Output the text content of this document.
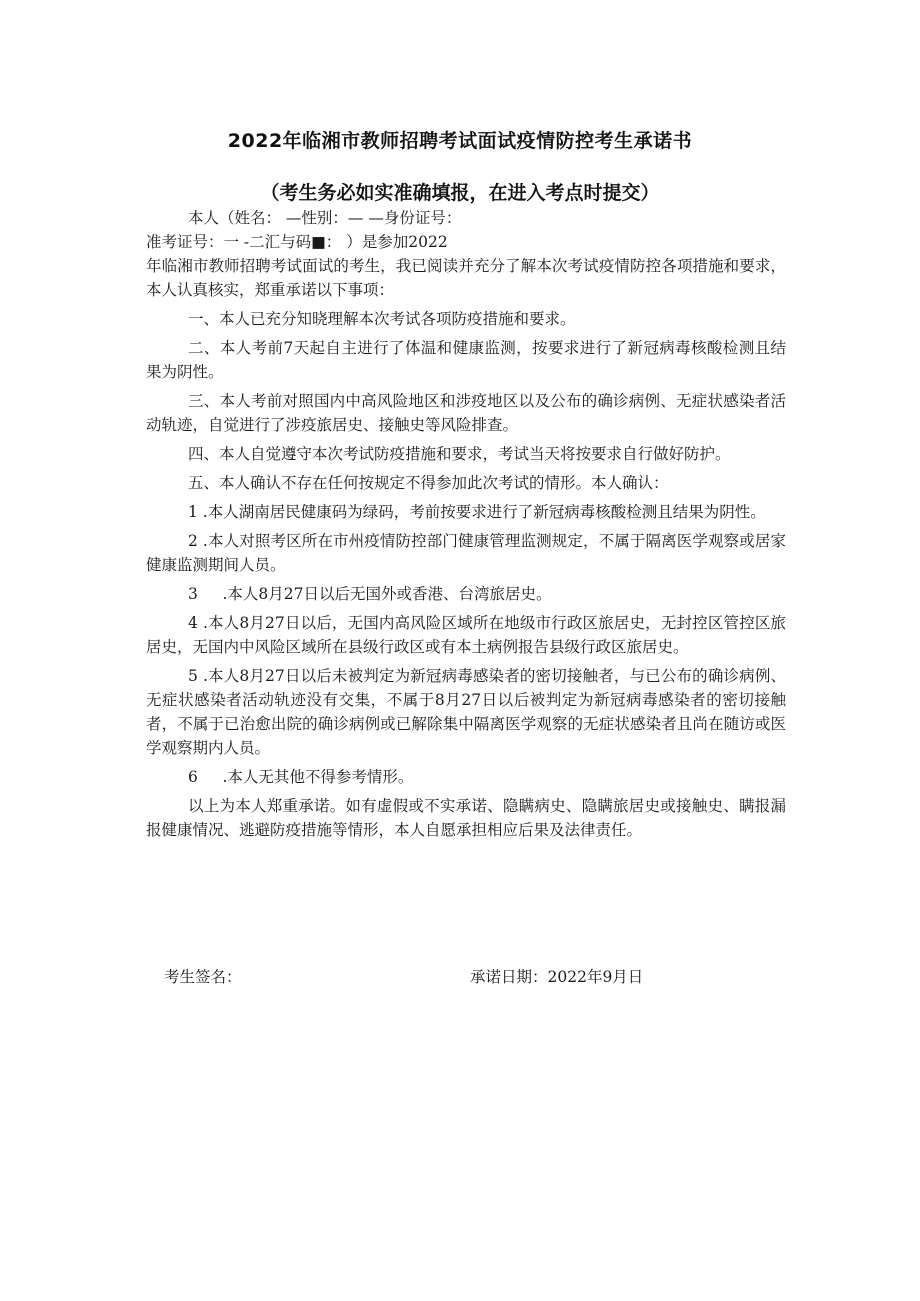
2022年临湘市教师招聘考试面试疫情防控考生承诺书
（考生务必如实准确填报，在进入考点时提交）
本人（姓名： —性别：— —身份证号：
准考证号：一 -二汇与码■： ）是参加2022
年临湘市教师招聘考试面试的考生，我已阅读并充分了解本次考试疫情防控各项措施和要求，本人认真核实，郑重承诺以下事项：
一、本人已充分知晓理解本次考试各项防疫措施和要求。
二、本人考前7天起自主进行了体温和健康监测，按要求进行了新冠病毒核酸检测且结果为阴性。
三、本人考前对照国内中高风险地区和涉疫地区以及公布的确诊病例、无症状感染者活动轨迹，自觉进行了涉疫旅居史、接触史等风险排查。
四、本人自觉遵守本次考试防疫措施和要求，考试当天将按要求自行做好防护。
五、本人确认不存在任何按规定不得参加此次考试的情形。本人确认：
1 .本人湖南居民健康码为绿码，考前按要求进行了新冠病毒核酸检测且结果为阴性。
2 .本人对照考区所在市州疫情防控部门健康管理监测规定，不属于隔离医学观察或居家健康监测期间人员。
3     .本人8月27日以后无国外或香港、台湾旅居史。
4 .本人8月27日以后，无国内高风险区域所在地级市行政区旅居史，无封控区管控区旅居史，无国内中风险区域所在县级行政区或有本土病例报告县级行政区旅居史。
5 .本人8月27日以后未被判定为新冠病毒感染者的密切接触者，与已公布的确诊病例、无症状感染者活动轨迹没有交集，不属于8月27日以后被判定为新冠病毒感染者的密切接触者，不属于已治愈出院的确诊病例或已解除集中隔离医学观察的无症状感染者且尚在随访或医学观察期内人员。
6     .本人无其他不得参考情形。
以上为本人郑重承诺。如有虚假或不实承诺、隐瞒病史、隐瞒旅居史或接触史、瞒报漏报健康情况、逃避防疫措施等情形，本人自愿承担相应后果及法律责任。
考生签名：	承诺日期：2022年9月日
